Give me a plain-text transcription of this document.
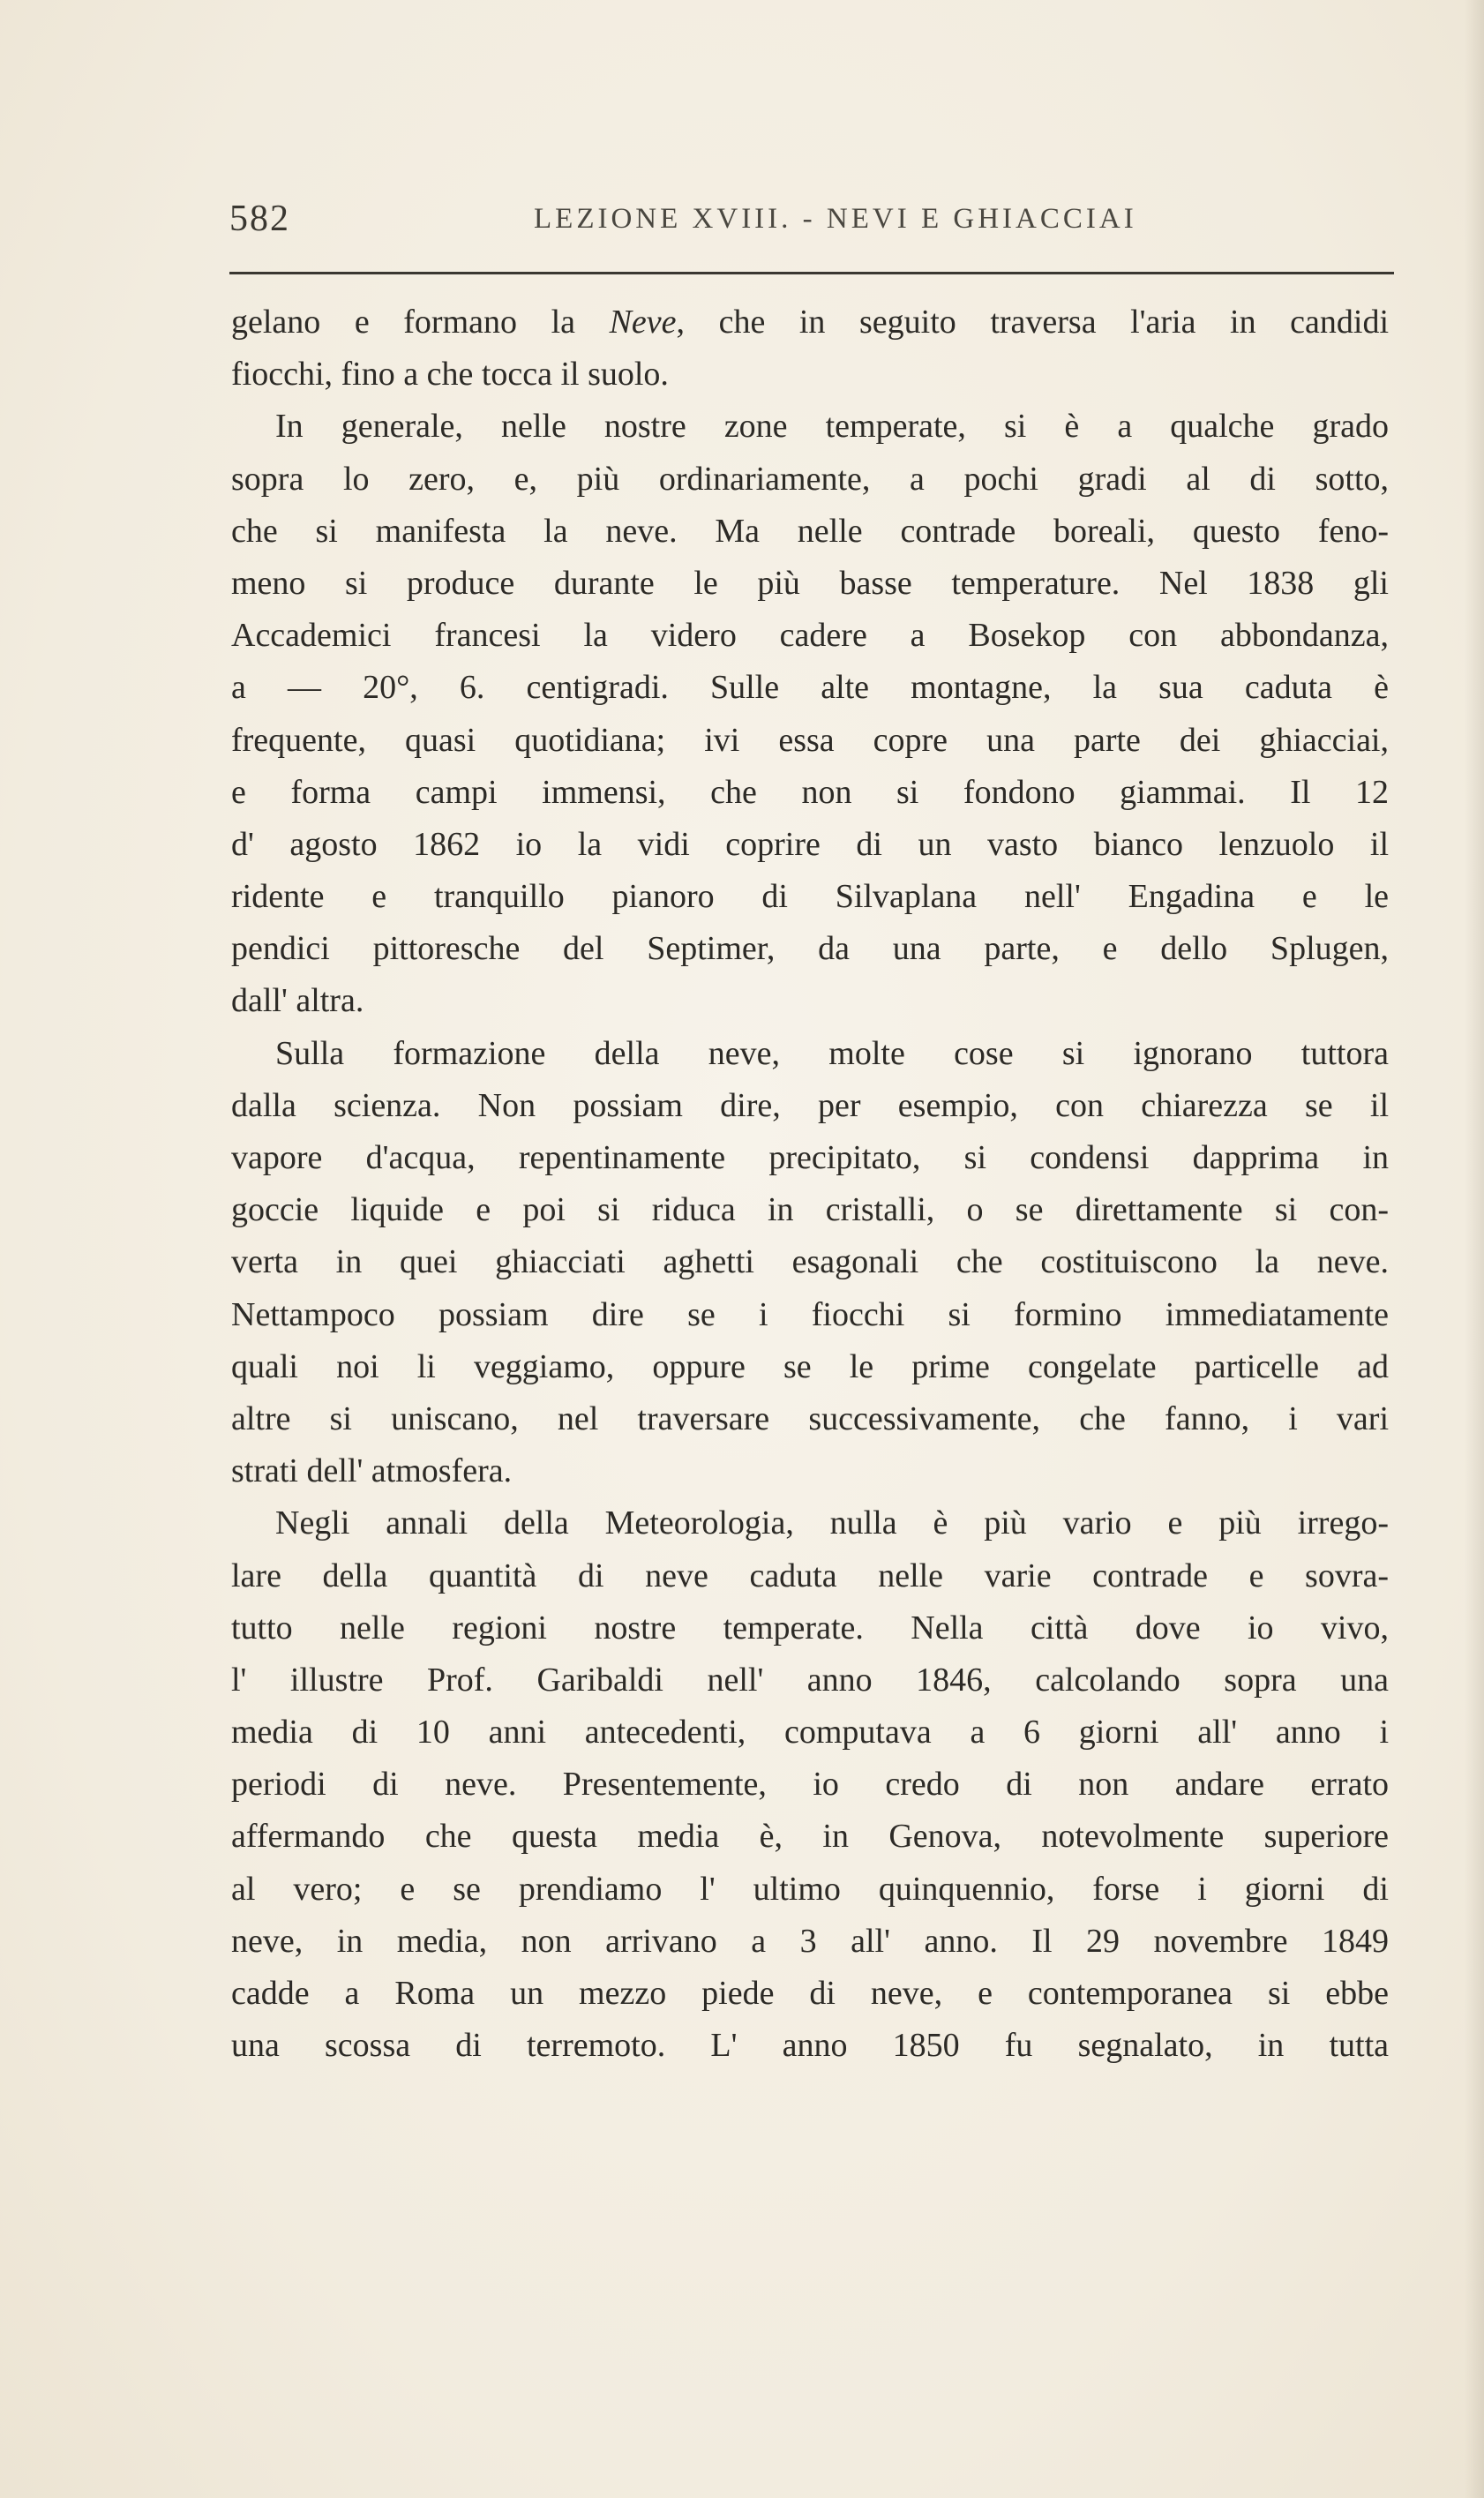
582	LEZIONE XVIII. - NEVI E GHIACCIAI
gelano e formano la Neve, che in seguito traversa l'aria in candidi
fiocchi, fino a che tocca il suolo.
In generale, nelle nostre zone temperate, si è a qualche grado
sopra lo zero, e, più ordinariamente, a pochi gradi al di sotto,
che si manifesta la neve. Ma nelle contrade boreali, questo feno-
meno si produce durante le più basse temperature. Nel 1838 gli
Accademici francesi la videro cadere a Bosekop con abbondanza,
a — 20°, 6. centigradi. Sulle alte montagne, la sua caduta è
frequente, quasi quotidiana; ivi essa copre una parte dei ghiacciai,
e forma campi immensi, che non si fondono giammai. Il 12
d' agosto 1862 io la vidi coprire di un vasto bianco lenzuolo il
ridente e tranquillo pianoro di Silvaplana nell' Engadina e le
pendici pittoresche del Septimer, da una parte, e dello Splugen,
dall' altra.
Sulla formazione della neve, molte cose si ignorano tuttora
dalla scienza. Non possiam dire, per esempio, con chiarezza se il
vapore d'acqua, repentinamente precipitato, si condensi dapprima in
goccie liquide e poi si riduca in cristalli, o se direttamente si con-
verta in quei ghiacciati aghetti esagonali che costituiscono la neve.
Nettampoco possiam dire se i fiocchi si formino immediatamente
quali noi li veggiamo, oppure se le prime congelate particelle ad
altre si uniscano, nel traversare successivamente, che fanno, i vari
strati dell' atmosfera.
Negli annali della Meteorologia, nulla è più vario e più irrego-
lare della quantità di neve caduta nelle varie contrade e sovra-
tutto nelle regioni nostre temperate. Nella città dove io vivo,
l' illustre Prof. Garibaldi nell' anno 1846, calcolando sopra una
media di 10 anni antecedenti, computava a 6 giorni all' anno i
periodi di neve. Presentemente, io credo di non andare errato
affermando che questa media è, in Genova, notevolmente superiore
al vero; e se prendiamo l' ultimo quinquennio, forse i giorni di
neve, in media, non arrivano a 3 all' anno. Il 29 novembre 1849
cadde a Roma un mezzo piede di neve, e contemporanea si ebbe
una scossa di terremoto. L' anno 1850 fu segnalato, in tutta
